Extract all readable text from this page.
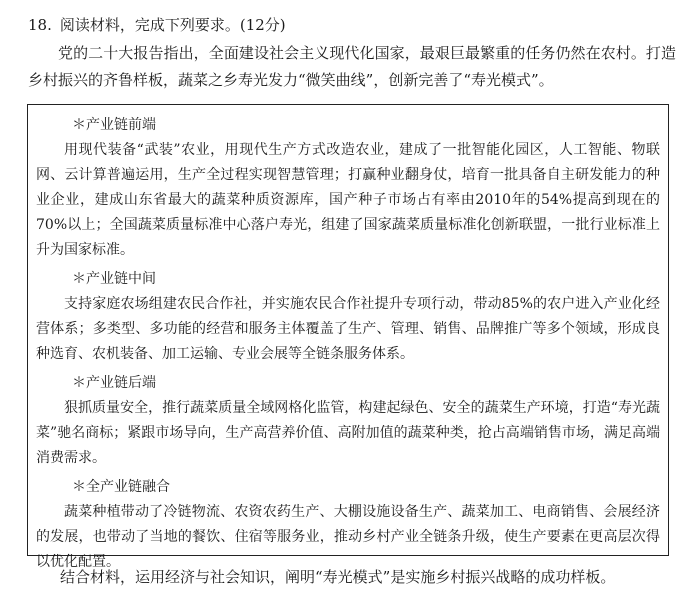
18. 阅读材料，完成下列要求。(12分)

党的二十大报告指出，全面建设社会主义现代化国家，最艰巨最繁重的任务仍然在农村。打造乡村振兴的齐鲁样板，蔬菜之乡寿光发力“微笑曲线”，创新完善了“寿光模式”。

＊产业链前端

用现代装备“武装”农业，用现代生产方式改造农业，建成了一批智能化园区，人工智能、物联网、云计算普遍运用，生产全过程实现智慧管理；打赢种业翻身仗，培育一批具备自主研发能力的种业企业，建成山东省最大的蔬菜种质资源库，国产种子市场占有率由2010年的54%提高到现在的70%以上；全国蔬菜质量标准中心落户寿光，组建了国家蔬菜质量标准化创新联盟，一批行业标准上升为国家标准。

＊产业链中间

支持家庭农场组建农民合作社，并实施农民合作社提升专项行动，带动85%的农户进入产业化经营体系；多类型、多功能的经营和服务主体覆盖了生产、管理、销售、品牌推广等多个领域，形成良种选育、农机装备、加工运输、专业会展等全链条服务体系。

＊产业链后端

狠抓质量安全，推行蔬菜质量全域网格化监管，构建起绿色、安全的蔬菜生产环境，打造“寿光蔬菜”驰名商标；紧跟市场导向，生产高营养价值、高附加值的蔬菜种类，抢占高端销售市场，满足高端消费需求。

＊全产业链融合

蔬菜种植带动了冷链物流、农资农药生产、大棚设施设备生产、蔬菜加工、电商销售、会展经济的发展，也带动了当地的餐饮、住宿等服务业，推动乡村产业全链条升级，使生产要素在更高层次得以优化配置。

结合材料，运用经济与社会知识，阐明“寿光模式”是实施乡村振兴战略的成功样板。
